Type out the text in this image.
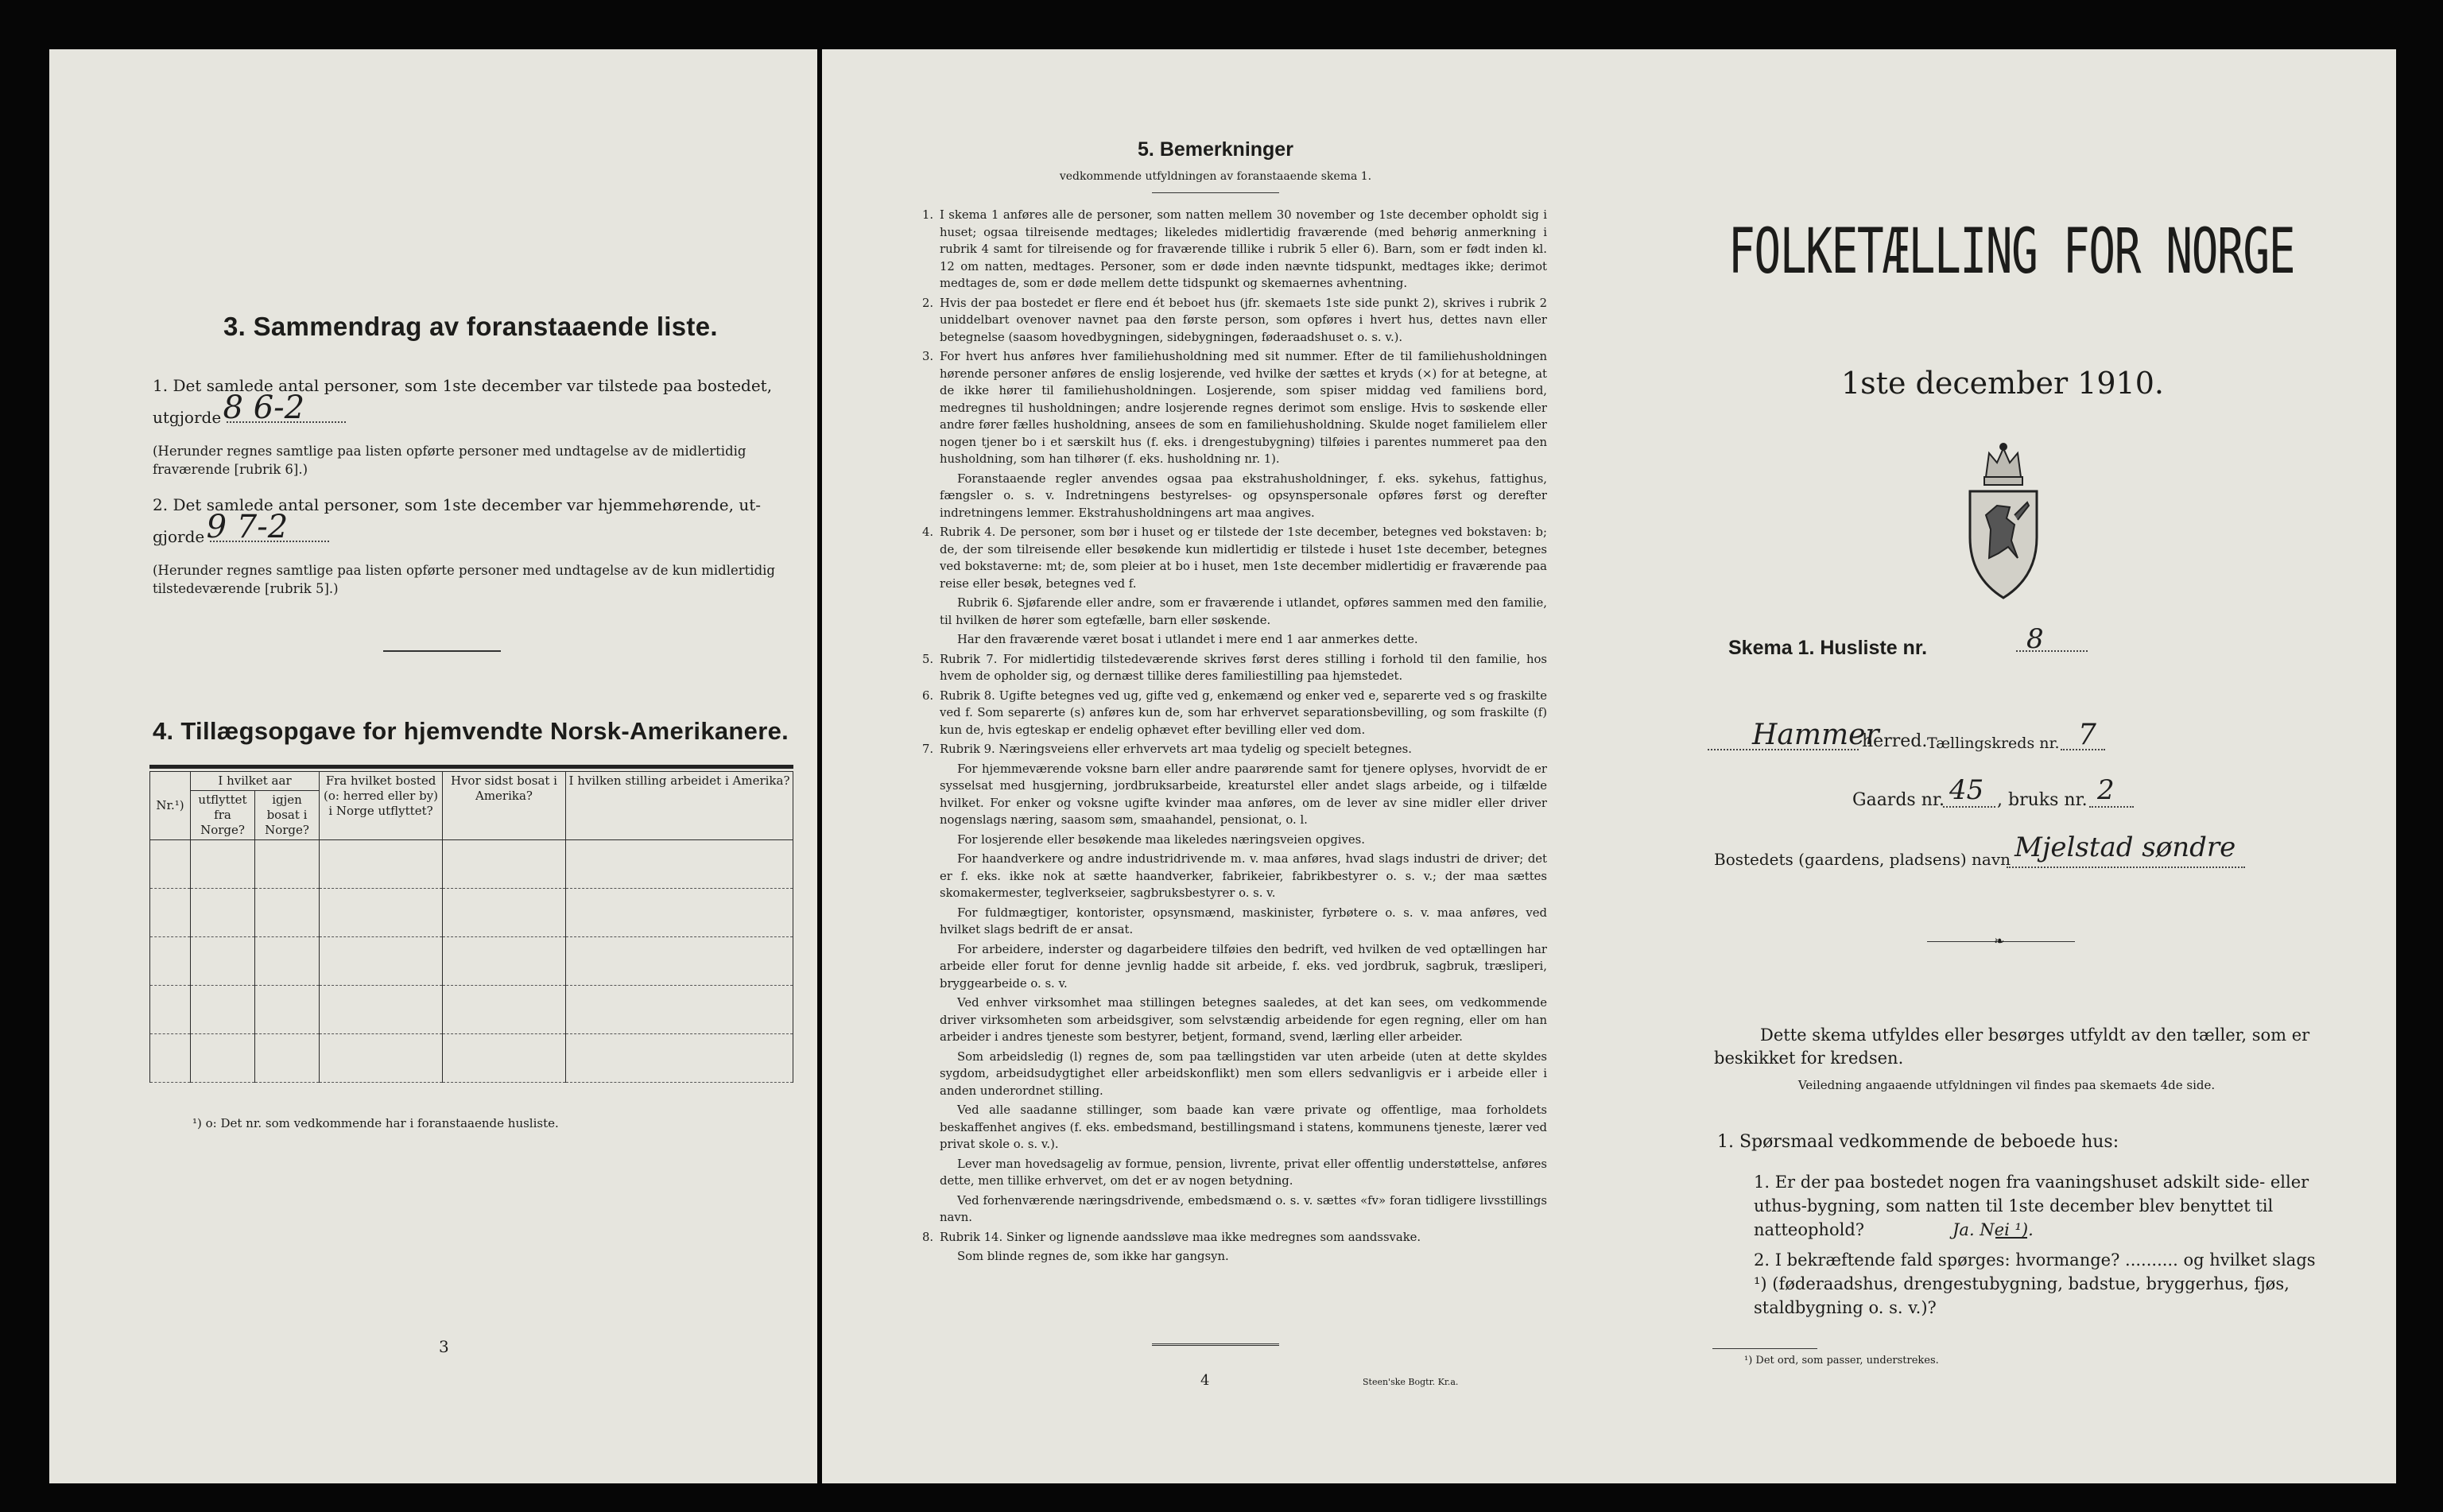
3. Sammendrag av foranstaaende liste.
1. Det samlede antal personer, som 1ste december var tilstede paa bostedet,
utgjorde 8 6-2
(Herunder regnes samtlige paa listen opførte personer med undtagelse av de midlertidig fraværende [rubrik 6].)
2. Det samlede antal personer, som 1ste december var hjemmehørende, ut-
gjorde 9 7-2
(Herunder regnes samtlige paa listen opførte personer med undtagelse av de kun midlertidig tilstedeværende [rubrik 5].)
4. Tillægsopgave for hjemvendte Norsk-Amerikanere.
Nr.¹)	I hvilket aar		Fra hvilket bosted (o: herred eller by) i Norge utflyttet?	Hvor sidst bosat i Amerika?	I hvilken stilling arbeidet i Amerika?
	utflyttet fra Norge?	igjen bosat i Norge?			

¹) o: Det nr. som vedkommende har i foranstaaende husliste.
3
5. Bemerkninger
vedkommende utfyldningen av foranstaaende skema 1.
1. I skema 1 anføres alle de personer, som natten mellem 30 november og 1ste december opholdt sig i huset; ogsaa tilreisende medtages; likeledes midlertidig fraværende (med behørig anmerkning i rubrik 4 samt for tilreisende og for fraværende tillike i rubrik 5 eller 6). Barn, som er født inden kl. 12 om natten, medtages. Personer, som er døde inden nævnte tidspunkt, medtages ikke; derimot medtages de, som er døde mellem dette tidspunkt og skemaernes avhentning.
2. Hvis der paa bostedet er flere end ét beboet hus (jfr. skemaets 1ste side punkt 2), skrives i rubrik 2 uniddelbart ovenover navnet paa den første person, som opføres i hvert hus, dettes navn eller betegnelse (saasom hovedbygningen, sidebygningen, føderaadshuset o. s. v.).
3. For hvert hus anføres hver familiehusholdning med sit nummer. Efter de til familiehusholdningen hørende personer anføres de enslig losjerende, ved hvilke der sættes et kryds (×) for at betegne, at de ikke hører til familiehusholdningen. Losjerende, som spiser middag ved familiens bord, medregnes til husholdningen; andre losjerende regnes derimot som enslige. Hvis to søskende eller andre fører fælles husholdning, ansees de som en familiehusholdning. Skulde noget familielem eller nogen tjener bo i et særskilt hus (f. eks. i drengestubygning) tilføies i parentes nummeret paa den husholdning, som han tilhører (f. eks. husholdning nr. 1).
Foranstaaende regler anvendes ogsaa paa ekstrahusholdninger, f. eks. sykehus, fattighus, fængsler o. s. v. Indretningens bestyrelses- og opsynspersonale opføres først og derefter indretningens lemmer. Ekstrahusholdningens art maa angives.
4. Rubrik 4. De personer, som bør i huset og er tilstede der 1ste december, betegnes ved bokstaven: b; de, der som tilreisende eller besøkende kun midlertidig er tilstede i huset 1ste december, betegnes ved bokstaverne: mt; de, som pleier at bo i huset, men 1ste december midlertidig er fraværende paa reise eller besøk, betegnes ved f.
Rubrik 6. Sjøfarende eller andre, som er fraværende i utlandet, opføres sammen med den familie, til hvilken de hører som egtefælle, barn eller søskende.
Har den fraværende været bosat i utlandet i mere end 1 aar anmerkes dette.
5. Rubrik 7. For midlertidig tilstedeværende skrives først deres stilling i forhold til den familie, hos hvem de opholder sig, og dernæst tillike deres familiestilling paa hjemstedet.
6. Rubrik 8. Ugifte betegnes ved ug, gifte ved g, enkemænd og enker ved e, separerte ved s og fraskilte ved f. Som separerte (s) anføres kun de, som har erhvervet separationsbevilling, og som fraskilte (f) kun de, hvis egteskap er endelig ophævet efter bevilling eller ved dom.
7. Rubrik 9. Næringsveiens eller erhvervets art maa tydelig og specielt betegnes.
For hjemmeværende voksne barn eller andre paarørende samt for tjenere oplyses, hvorvidt de er sysselsat med husgjerning, jordbruksarbeide, kreaturstel eller andet slags arbeide, og i tilfælde hvilket. For enker og voksne ugifte kvinder maa anføres, om de lever av sine midler eller driver nogenslags næring, saasom søm, smaahandel, pensionat, o. l.
For losjerende eller besøkende maa likeledes næringsveien opgives.
For haandverkere og andre industridrivende m. v. maa anføres, hvad slags industri de driver; det er f. eks. ikke nok at sætte haandverker, fabrikeier, fabrikbestyrer o. s. v.; der maa sættes skomakermester, teglverkseier, sagbruksbestyrer o. s. v.
For fuldmægtiger, kontorister, opsynsmænd, maskinister, fyrbøtere o. s. v. maa anføres, ved hvilket slags bedrift de er ansat.
For arbeidere, inderster og dagarbeidere tilføies den bedrift, ved hvilken de ved optællingen har arbeide eller forut for denne jevnlig hadde sit arbeide, f. eks. ved jordbruk, sagbruk, træsliperi, bryggearbeide o. s. v.
Ved enhver virksomhet maa stillingen betegnes saaledes, at det kan sees, om vedkommende driver virksomheten som arbeidsgiver, som selvstændig arbeidende for egen regning, eller om han arbeider i andres tjeneste som bestyrer, betjent, formand, svend, lærling eller arbeider.
Som arbeidsledig (l) regnes de, som paa tællingstiden var uten arbeide (uten at dette skyldes sygdom, arbeidsudygtighet eller arbeidskonflikt) men som ellers sedvanligvis er i arbeide eller i anden underordnet stilling.
Ved alle saadanne stillinger, som baade kan være private og offentlige, maa forholdets beskaffenhet angives (f. eks. embedsmand, bestillingsmand i statens, kommunens tjeneste, lærer ved privat skole o. s. v.).
Lever man hovedsagelig av formue, pension, livrente, privat eller offentlig understøttelse, anføres dette, men tillike erhvervet, om det er av nogen betydning.
Ved forhenværende næringsdrivende, embedsmænd o. s. v. sættes «fv» foran tidligere livsstillings navn.
8. Rubrik 14. Sinker og lignende aandssløve maa ikke medregnes som aandssvake.
Som blinde regnes de, som ikke har gangsyn.
4	Steen'ske Bogtr. Kr.a.
FOLKETÆLLING FOR NORGE
1ste december 1910.
Skema 1. Husliste nr.	8
Hammer
herred. Tællingskreds nr. 7
Gaards nr. 45 , bruks nr. 2
Bostedets (gaardens, pladsens) navn Mjelstad søndre
❧
Dette skema utfyldes eller besørges utfyldt av den tæller, som er beskikket for kredsen.
Veiledning angaaende utfyldningen vil findes paa skemaets 4de side.
1. Spørsmaal vedkommende de beboede hus:
1. Er der paa bostedet nogen fra vaaningshuset adskilt side- eller uthus-bygning, som natten til 1ste december blev benyttet til natteophold?	Ja. Nei ¹).
2. I bekræftende fald spørges: hvormange? .......... og hvilket slags ¹) (føderaadshus, drengestubygning, badstue, bryggerhus, fjøs, staldbygning o. s. v.)?
¹) Det ord, som passer, understrekes.
